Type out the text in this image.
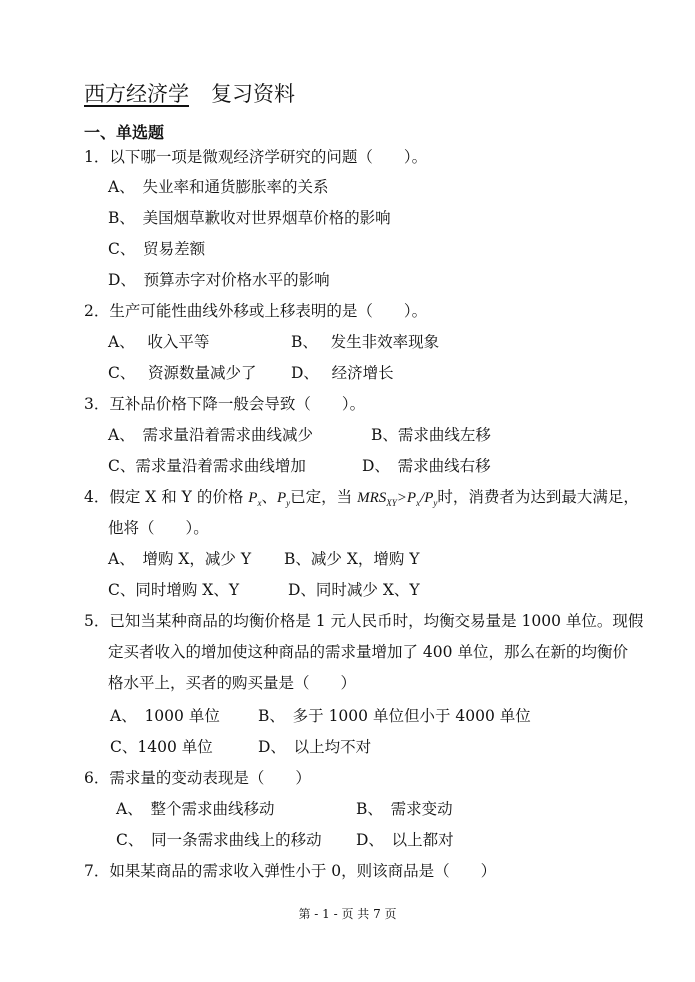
西方经济学 复习资料
一、单选题
1．以下哪一项是微观经济学研究的问题（　　）。
A、　失业率和通货膨胀率的关系
B、　美国烟草歉收对世界烟草价格的影响
C、　贸易差额
D、　预算赤字对价格水平的影响
2．生产可能性曲线外移或上移表明的是（　　）。
A、　 收入平等	B、　 发生非效率现象
C、　 资源数量减少了 D、　 经济增长
3．互补品价格下降一般会导致（　　）。
A、　需求量沿着需求曲线减少	B、需求曲线左移
C、需求量沿着需求曲线增加	D、　需求曲线右移
4．假定 X 和 Y 的价格 $P_x$、$P_y$已定，当 $MRS_{XY}>P_x/P_y$时，消费者为达到最大满足，
他将（　　）。
A、　增购 X，减少 Y B、减少 X，增购 Y
C、同时增购 X、Y	D、同时减少 X、Y
5．已知当某种商品的均衡价格是 1 元人民币时，均衡交易量是 1000 单位。现假
定买者收入的增加使这种商品的需求量增加了 400 单位，那么在新的均衡价
格水平上，买者的购买量是（　　）
A、　1000 单位 B、　多于 1000 单位但小于 4000 单位
C、1400 单位	D、　以上均不对
6．需求量的变动表现是（　　）
A、　整个需求曲线移动	B、　需求变动
C、　同一条需求曲线上的移动 D、　以上都对
7．如果某商品的需求收入弹性小于 0，则该商品是（　　）
第 - 1 - 页 共 7 页
